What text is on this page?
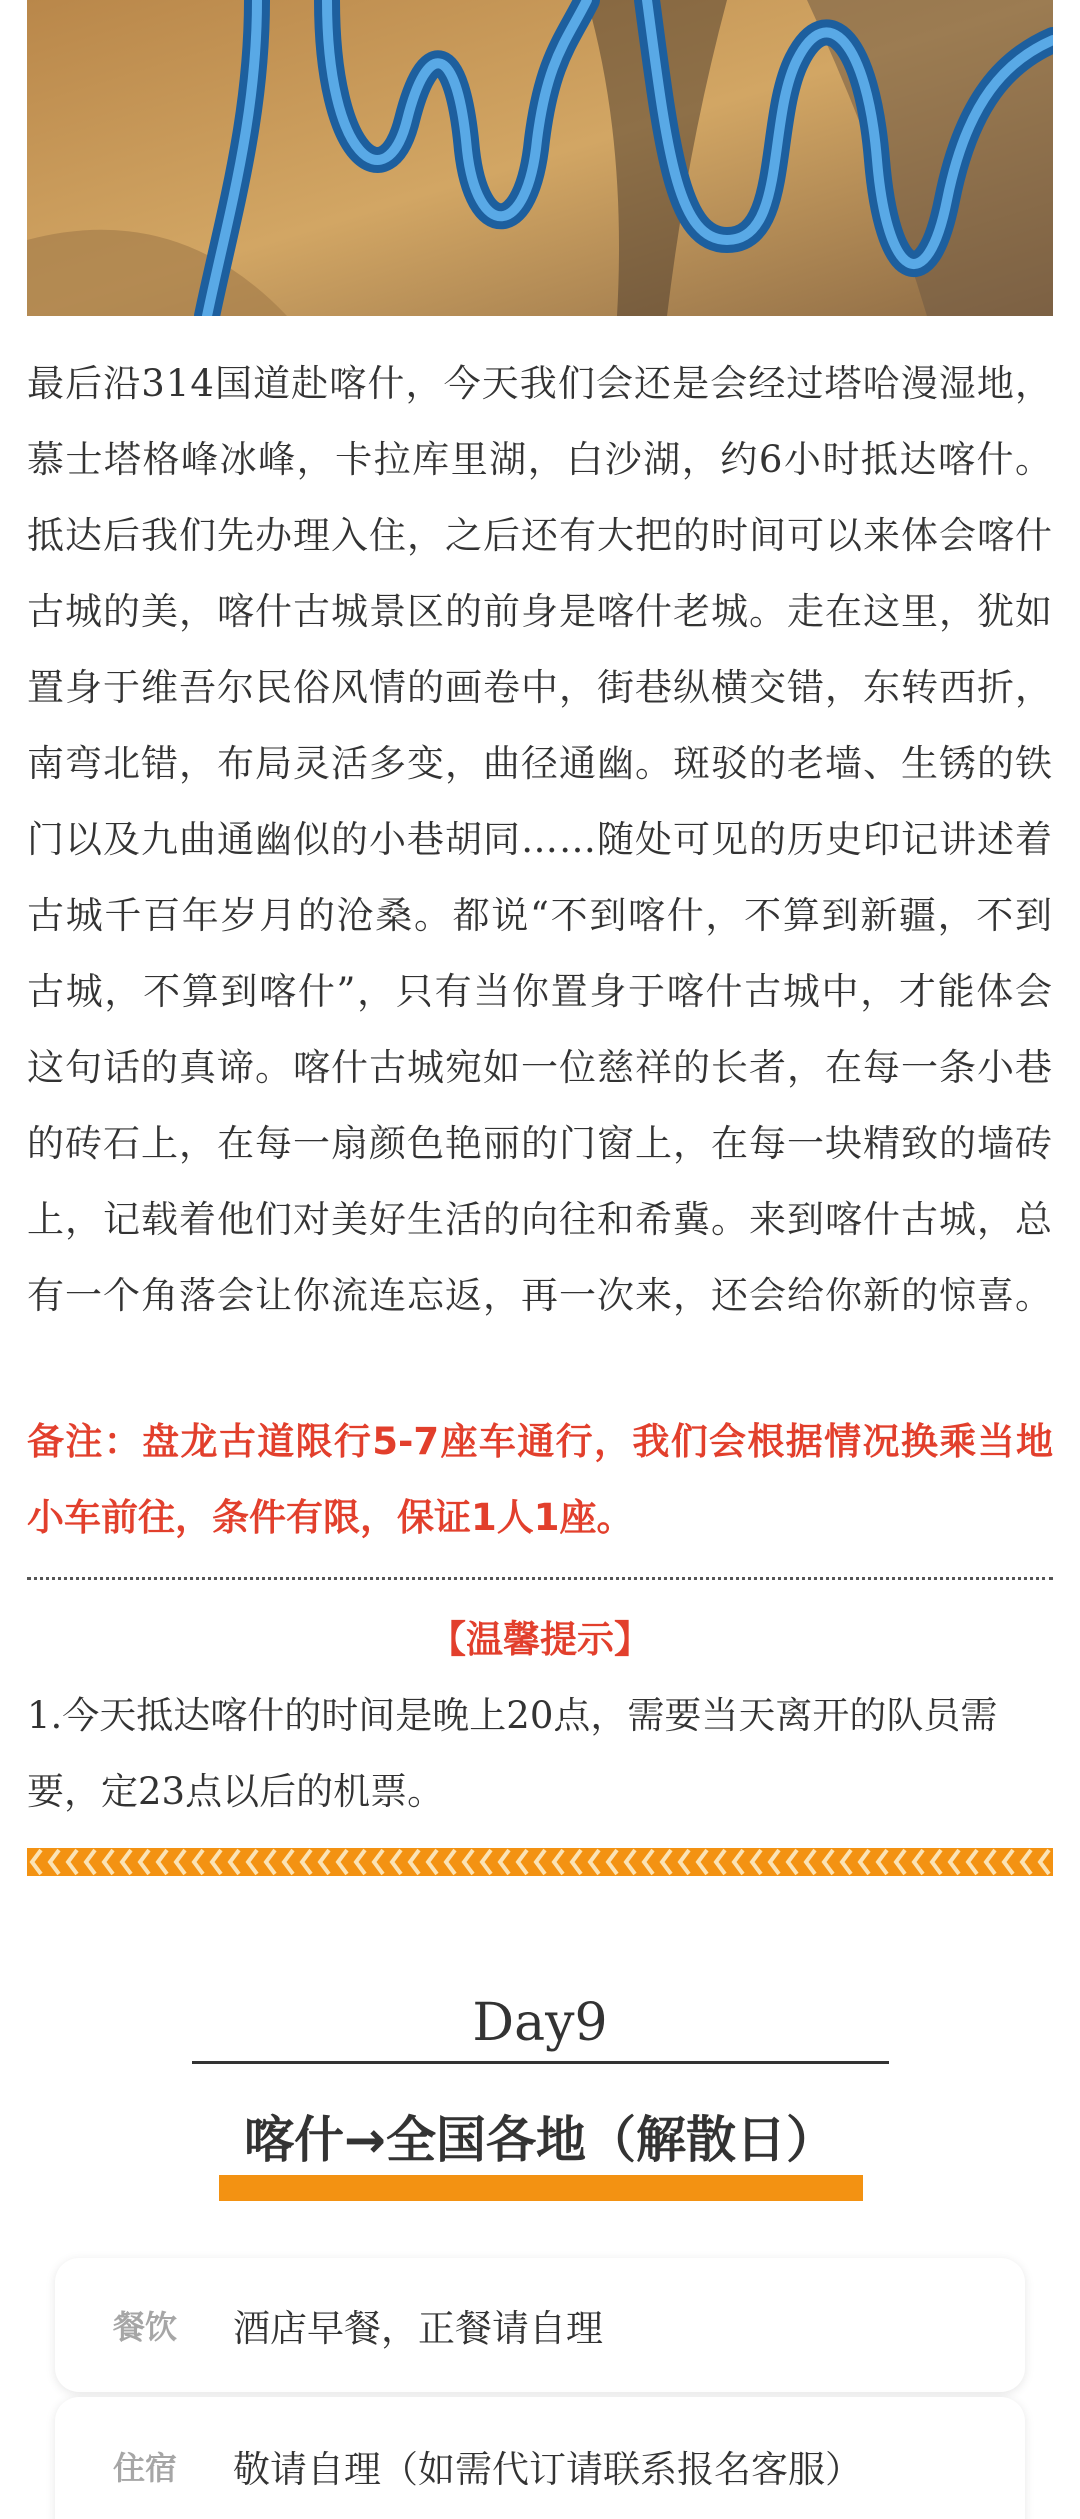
最后沿314国道赴喀什，今天我们会还是会经过塔哈漫湿地，慕士塔格峰冰峰，卡拉库里湖，白沙湖，约6小时抵达喀什。抵达后我们先办理入住，之后还有大把的时间可以来体会喀什古城的美，喀什古城景区的前身是喀什老城。走在这里，犹如置身于维吾尔民俗风情的画卷中，街巷纵横交错，东转西折，南弯北错，布局灵活多变，曲径通幽。斑驳的老墙、生锈的铁门以及九曲通幽似的小巷胡同……随处可见的历史印记讲述着古城千百年岁月的沧桑。都说“不到喀什，不算到新疆，不到古城，不算到喀什”，只有当你置身于喀什古城中，才能体会这句话的真谛。喀什古城宛如一位慈祥的长者，在每一条小巷的砖石上，在每一扇颜色艳丽的门窗上，在每一块精致的墙砖上，记载着他们对美好生活的向往和希冀。来到喀什古城，总有一个角落会让你流连忘返，再一次来，还会给你新的惊喜。

备注：盘龙古道限行5-7座车通行，我们会根据情况换乘当地小车前往，条件有限，保证1人1座。

【温馨提示】

1.今天抵达喀什的时间是晚上20点，需要当天离开的队员需要，定23点以后的机票。

Day9
喀什→全国各地（解散日）
餐饮	酒店早餐，正餐请自理
住宿	敬请自理（如需代订请联系报名客服）
